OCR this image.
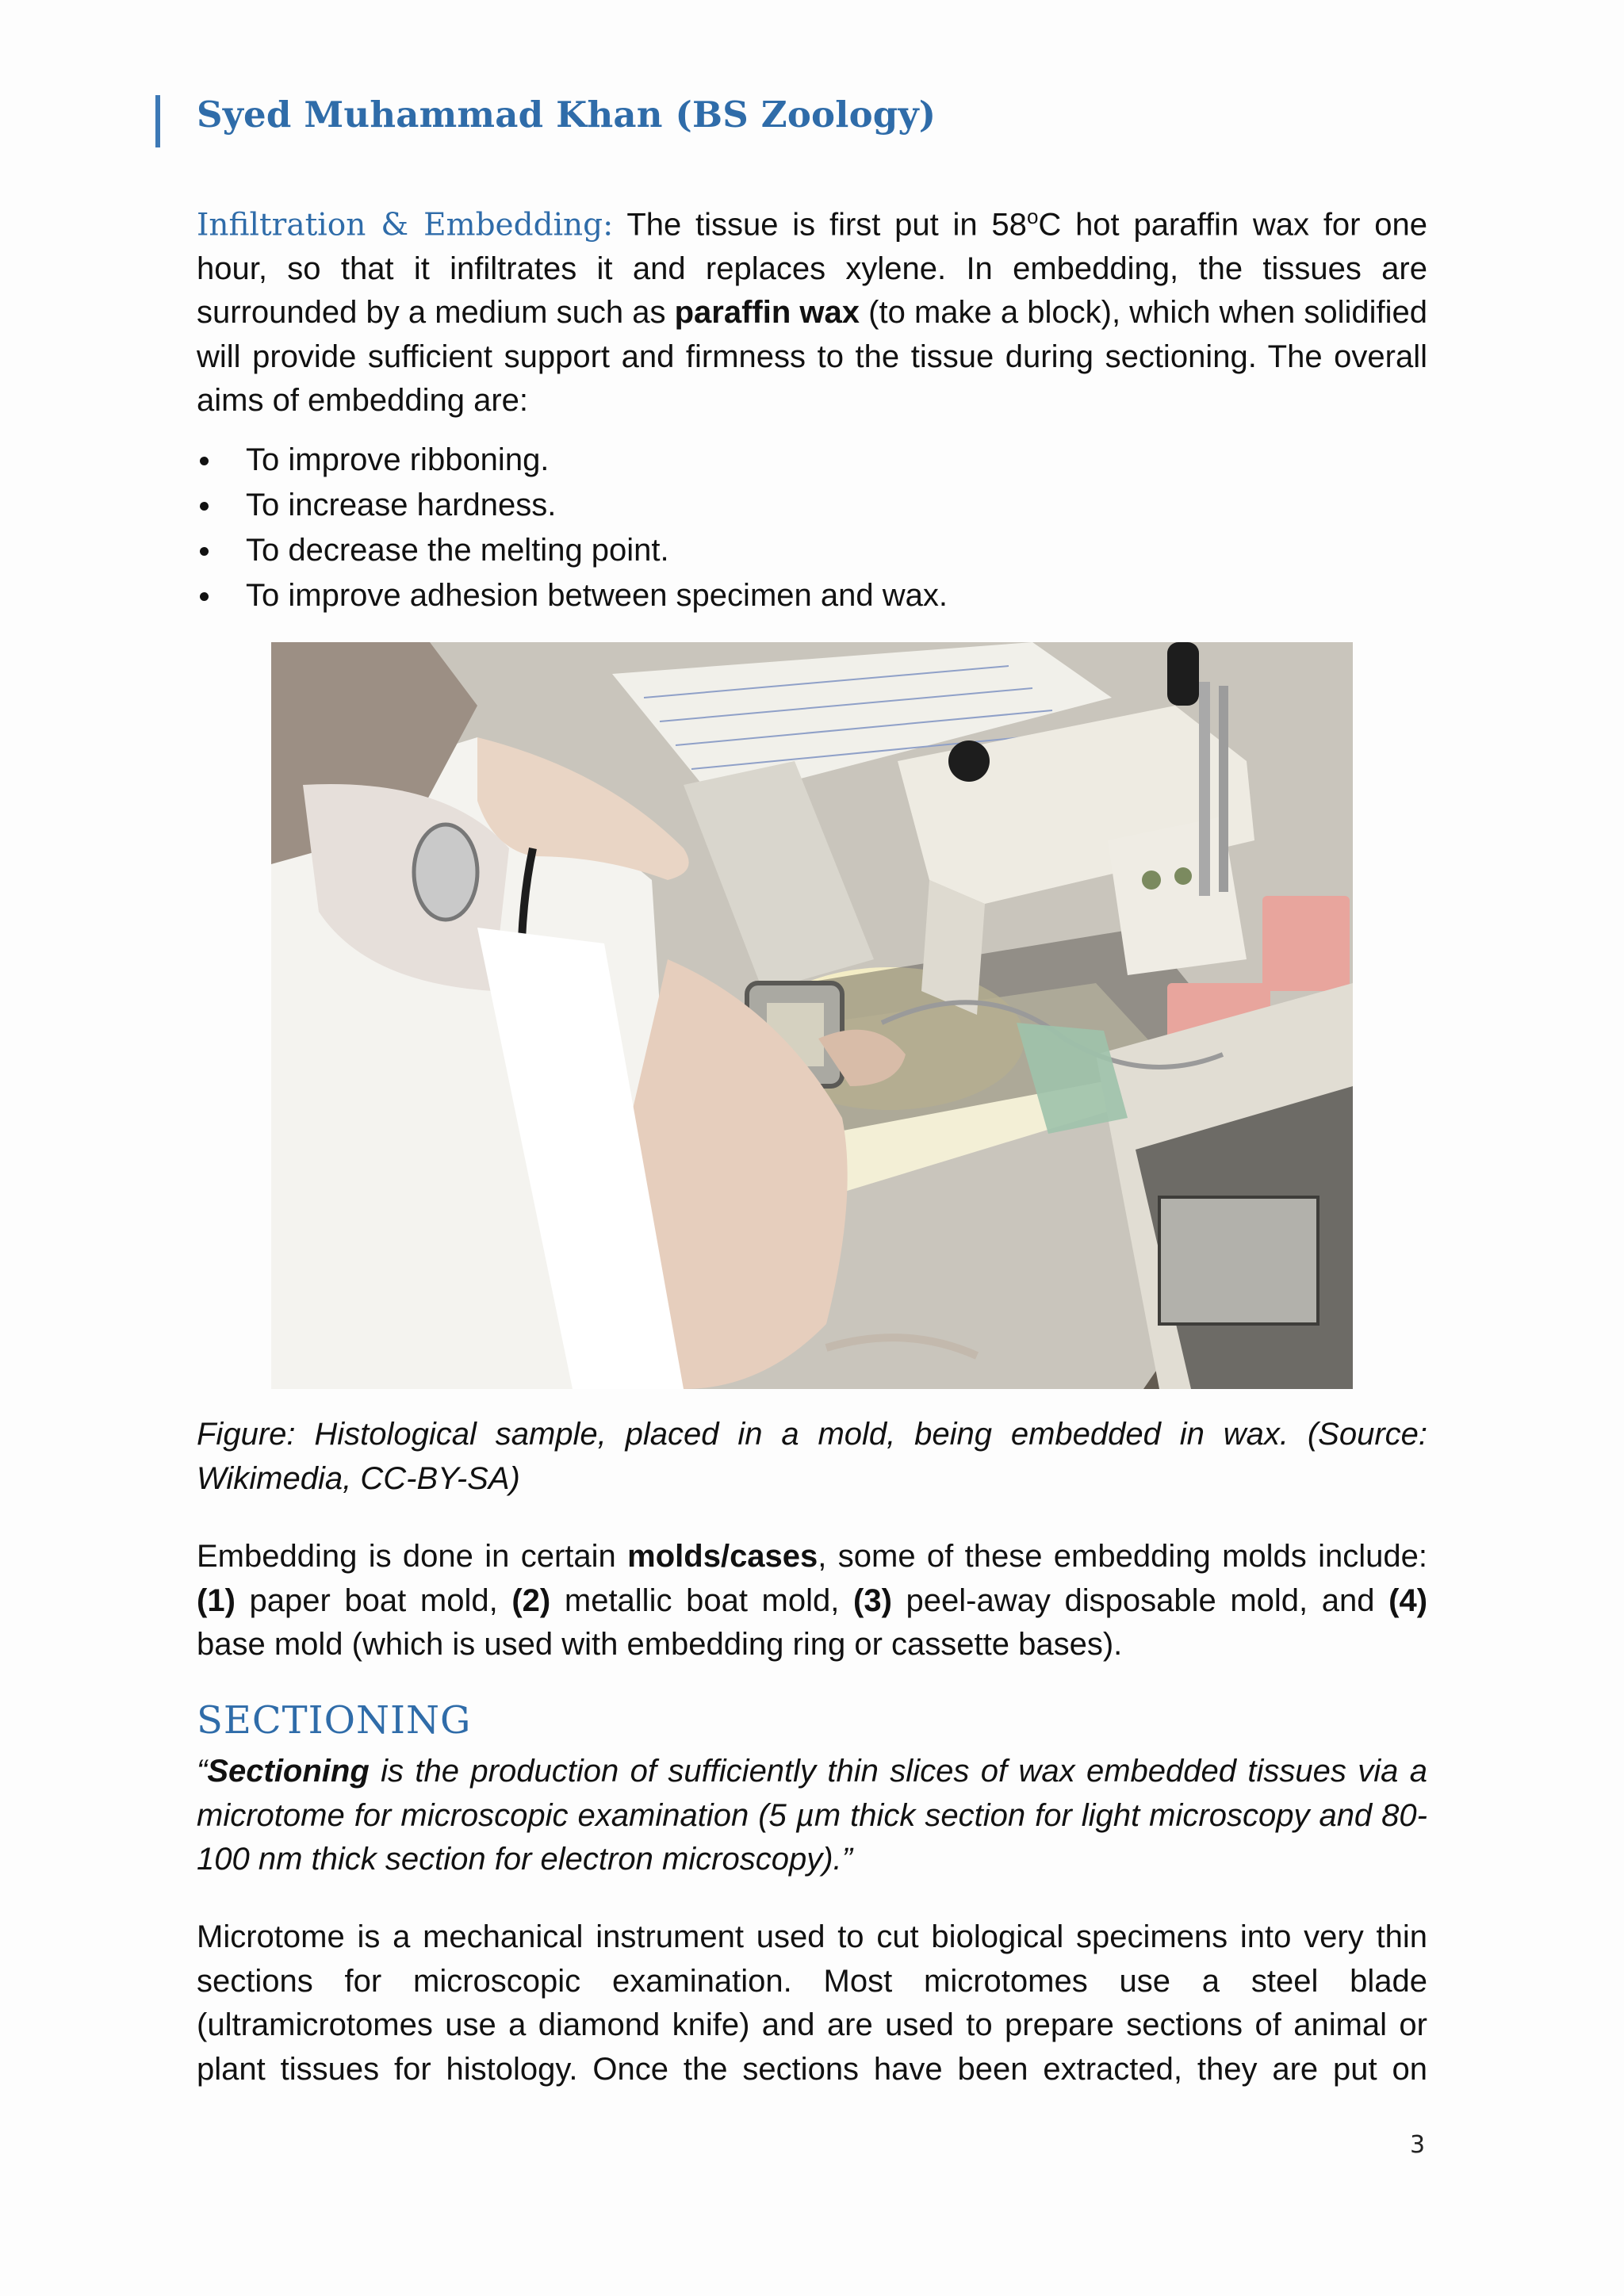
Syed Muhammad Khan (BS Zoology)
Infiltration & Embedding: The tissue is first put in 58$^o$C hot paraffin wax for one hour, so that it infiltrates it and replaces xylene. In embedding, the tissues are surrounded by a medium such as paraffin wax (to make a block), which when solidified will provide sufficient support and firmness to the tissue during sectioning. The overall aims of embedding are:
To improve ribboning.
To increase hardness.
To decrease the melting point.
To improve adhesion between specimen and wax.
Figure: Histological sample, placed in a mold, being embedded in wax. (Source: Wikimedia, CC-BY-SA)
Embedding is done in certain molds/cases, some of these embedding molds include: (1) paper boat mold, (2) metallic boat mold, (3) peel-away disposable mold, and (4) base mold (which is used with embedding ring or cassette bases).
SECTIONING
“Sectioning is the production of sufficiently thin slices of wax embedded tissues via a microtome for microscopic examination (5 µm thick section for light microscopy and 80-100 nm thick section for electron microscopy).”
Microtome is a mechanical instrument used to cut biological specimens into very thin sections for microscopic examination. Most microtomes use a steel blade (ultramicrotomes use a diamond knife) and are used to prepare sections of animal or
plant tissues for histology. Once the sections have been extracted, they are put on
3
